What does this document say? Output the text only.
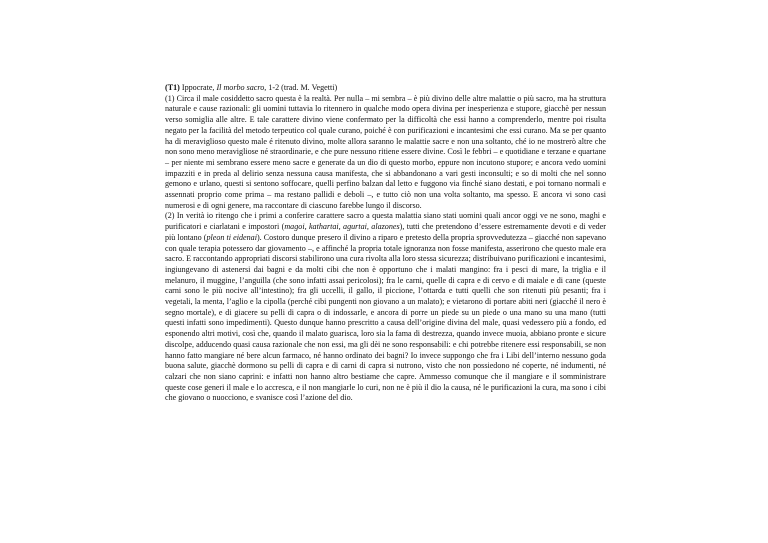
(T1) Ippocrate, Il morbo sacro, 1-2 (trad. M. Vegetti)

(1) Circa il male cosiddetto sacro questa è la realtà. Per nulla – mi sembra – è più divino delle altre malattie o più sacro, ma ha struttura naturale e cause razionali: gli uomini tuttavia lo ritennero in qualche modo opera divina per inesperienza e stupore, giacchè per nessun verso somiglia alle altre. E tale carattere divino viene confermato per la difficoltà che essi hanno a comprenderlo, mentre poi risulta negato per la facilità del metodo terpeutico col quale curano, poiché è con purificazioni e incantesimi che essi curano. Ma se per quanto ha di meraviglioso questo male é ritenuto divino, molte allora saranno le malattie sacre e non una soltanto, ché io ne mostrerò altre che non sono meno meravigliose né straordinarie, e che pure nessuno ritiene essere divine. Così le febbri – e quotidiane e terzane e quartane – per niente mi sembrano essere meno sacre e generate da un dio di questo morbo, eppure non incutono stupore; e ancora vedo uomini impazziti e in preda al delirio senza nessuna causa manifesta, che si abbandonano a vari gesti inconsulti; e so di molti che nel sonno gemono e urlano, questi si sentono soffocare, quelli perfino balzan dal letto e fuggono via finché siano destati, e poi tornano normali e assennati proprio come prima – ma restano pallidi e deboli –, e tutto ciò non una volta soltanto, ma spesso. E ancora vi sono casi numerosi e di ogni genere, ma raccontare di ciascuno farebbe lungo il discorso.

(2) In verità io ritengo che i primi a conferire carattere sacro a questa malattia siano stati uomini quali ancor oggi ve ne sono, maghi e purificatori e ciarlatani e impostori (magoi, kathartai, agurtai, alazones), tutti che pretendono d’essere estremamente devoti e di veder più lontano (pleon ti eidenai). Costoro dunque presero il divino a riparo e pretesto della propria sprovvedutezza – giacché non sapevano con quale terapia potessero dar giovamento –, e affinché la propria totale ignoranza non fosse manifesta, asserirono che questo male era sacro. E raccontando appropriati discorsi stabilirono una cura rivolta alla loro stessa sicurezza; distribuivano purificazioni e incantesimi, ingiungevano di astenersi dai bagni e da molti cibi che non è opportuno che i malati mangino: fra i pesci di mare, la triglia e il melanuro, il muggine, l’anguilla (che sono infatti assai pericolosi); fra le carni, quelle di capra e di cervo e di maiale e di cane (queste carni sono le più nocive all’intestino); fra gli uccelli, il gallo, il piccione, l’ottarda e tutti quelli che son ritenuti più pesanti; fra i vegetali, la menta, l’aglio e la cipolla (perché cibi pungenti non giovano a un malato); e vietarono di portare abiti neri (giacché il nero è segno mortale), e di giacere su pelli di capra o di indossarle, e ancora di porre un piede su un piede o una mano su una mano (tutti questi infatti sono impedimenti). Questo dunque hanno prescritto a causa dell’origine divina del male, quasi vedessero più a fondo, ed esponendo altri motivi, così che, quando il malato guarisca, loro sia la fama di destrezza, quando invece muoia, abbiano pronte e sicure discolpe, adducendo quasi causa razionale che non essi, ma gli dèi ne sono responsabili: e chi potrebbe ritenere essi responsabili, se non hanno fatto mangiare né bere alcun farmaco, né hanno ordinato dei bagni? Io invece suppongo che fra i Libi dell’interno nessuno goda buona salute, giacchè dormono su pelli di capra e di carni di capra si nutrono, visto che non possiedono né coperte, né indumenti, né calzari che non siano caprini: e infatti non hanno altro bestiame che capre. Ammesso comunque che il mangiare e il somministrare queste cose generi il male e lo accresca, e il non mangiarle lo curi, non ne è più il dio la causa, né le purificazioni la cura, ma sono i cibi che giovano o nuocciono, e svanisce così l’azione del dio.
